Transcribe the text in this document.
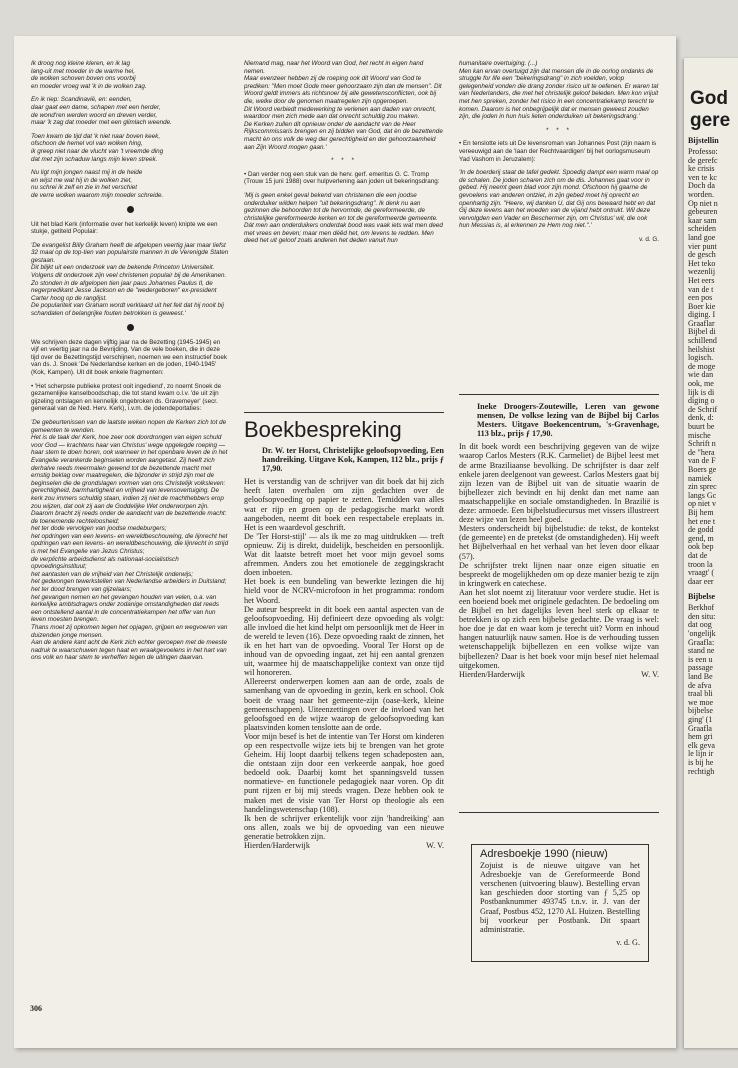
Ik droog nog kleine kleren, en ik lag
lang-uit met moeder in de warme hei,
de wolken schoven boven ons voorbij
en moeder vroeg wat 'k in de wolken zag.

En ik riep: Scandinavië, en: eenden,
daar gaat een dame, schapen met een herder,
de wond'ren werden woord en dreven verder,
maar 'k zag dat moeder met een glimlach weende.

Toen kwam de tijd dat 'k niet naar boven keek,
ofschoon de hemel vol van wolken hing,
ik greep niet naar de vlucht van 't vreemde ding
dat met zijn schaduw langs mijn leven streek.

Nu ligt mijn jongen naast mij in de heide
en wijst me wat hij in de wolken ziet,
nu schrei ik zelf en zie in het verschiet
de verre wolken waarom mijn moeder schreide.

Uit het blad Kerk (informatie over het kerkelijk leven) knipte we een stukje, getiteld Populair:

'De evangelist Billy Graham heeft de afgelopen veertig jaar maar liefst 32 maal op de top-tien van populairste mannen in de Verenigde Staten gestaan.
Dit blijkt uit een onderzoek van de bekende Princeton Universiteit.
Volgens dit onderzoek zijn veel christenen populair bij de Amerikanen. Zo stonden in de afgelopen tien jaar paus Johannes Paulus II, de negerpredikant Jesse Jackson en de "wedergeboren" ex-president Carter hoog op de ranglijst.
De populariteit van Graham wordt verklaard uit het feit dat hij nooit bij schandalen of belangrijke fouten betrokken is geweest.'

We schrijven deze dagen vijftig jaar na de Bezetting (1945-1945) en vijf en veertig jaar na de Bevrijding. Van de vele boeken, die in deze tijd over de Bezettingstijd verschijnen, noemen we een instructief boek van ds. J. Snoek 'De Nederlandse kerken en de joden, 1940-1945' (Kok, Kampen). Uit dit boek enkele fragmenten:

• 'Het scherpste publieke protest ooit ingediend', zo noemt Snoek de gezamenlijke kanselboodschap, die tot stand kwam o.l.v. 'de uit zijn gijzeling ontslagen en kennelijk ongebroken ds. Gravemeyer' (secr. generaal van de Ned. Herv. Kerk), i.v.m. de jodendeportaties:

'De gebeurtenissen van de laatste weken nopen de Kerken zich tot de gemeenten te wenden.
Het is de taak der Kerk, hoe zeer ook doordrongen van eigen schuld voor God — krachtens haar van Christus' wege opgelegde roeping — haar stem te doen horen, ook wanneer in het openbare leven de in het Evangelie verankerde beginselen worden aangetast. Zij heeft zich derhalve reeds meermalen gewend tot de bezettende macht met ernstig beklag over maatregelen, die bijzonder in strijd zijn met de beginselen die de grondslagen vormen van ons Christelijk volksleven: gerechtigheid, barmhartigheid en vrijheid van levensovertuiging. De kerk zou immers schuldig staan, indien zij niet de machthebbers erop zou wijzen, dat ook zij aan de Goddelijke Wet onderworpen zijn. Daarom bracht zij reeds onder de aandacht van de bezettende macht:
de toenemende rechteloosheid;
het ter dode vervolgen van joodse medeburgers;
het opdringen van een levens- en wereldbeschouwing, die lijnrecht het opdringen van een levens- en wereldbeschouwing, die lijnrecht in strijd is met het Evangelie van Jezus Christus;
de verplichte arbeidsdienst als nationaal-socialistisch opvoedingsinstituut;
het aantasten van de vrijheid van het Christelijk onderwijs;
het gedwongen tewerkstellen van Nederlandse arbeiders in Duitsland;
het ter dood brengen van gijzelaars;
het gevangen nemen en het gevangen houden van velen, o.a. van kerkelijke ambtsdragers onder zodanige omstandigheden dat reeds een ontstellend aantal in de concentratiekampen het offer van hun leven moesten brengen.
Thans moet zij opkomen tegen het opjagen, grijpen en wegvoeren van duizenden jonge mensen.
Aan de andere kant acht de Kerk zich echter geroepen met de meeste nadruk te waarschuwen tegen haat en wraakgevoelens in het hart van ons volk en haar stem te verheffen tegen de uitingen daarvan.

Niemand mag, naar het Woord van God, het recht in eigen hand nemen.
Maar evenzeer hebben zij de roeping ook dit Woord van God te prediken: "Men moet Gode meer gehoorzaam zijn dan de mensen". Dit Woord geldt immers als richtsnoer bij alle gewetensconflicten, ook bij die, welke door de genomen maatregelen zijn opgeroepen.
Dit Woord verbiedt medewerking te verlenen aan daden van onrecht, waardoor men zich mede aan dat onrecht schuldig zou maken.
De Kerken zullen dit opnieuw onder de aandacht van de Heer Rijkscommissaris brengen en zij bidden van God, dat èn de bezettende macht èn ons volk de weg der gerechtigheid en der gehoorzaamheid aan Zijn Woord mogen gaan.'

* * *

• Dan verder nog een stuk van de herv. gerf. emeritus G. C. Tromp (Trouw 15 juni 1988) over hulpverlening aan joden uit bekeringsdrang:

'Mij is geen enkel geval bekend van christenen die een joodse onderduiker wilden helpen "uit bekeringsdrang". Ik denk nu aan gezinnen die behoorden tot de hervormde, de gereformeerde, de christelijke gereformeerde kerken en tot de gereformeerde gemeente. Dát men aan onderduikers onderdak bood was vaak iets wat men deed met vrees en beven; maar men déêd het, om levens te redden. Men deed het uit geloof zoals anderen het deden vanuit hun

humanitaire overtuiging. (...)
Men kan ervan overtuigd zijn dat mensen die in de oorlog ondanks de struggle for life een "bekeringsdrang" in zich voelden, volop gelegenheid vonden die drang zonder risico uit te oefenen. Er waren tal van Nederlanders, die met het christelijk geloof beleden. Men kon vrijuit met hen spreken, zonder het risico in een concentratiekamp terecht te komen. Daarom is het onbegrijpelijk dat er mensen geweest zouden zijn, die joden in hun huis lieten onderduiken uit bekeringsdrang.'

* * *

• En tenslotte iets uit De levensroman van Johannes Post (zijn naam is vereeuwigd aan de 'laan der Rechtvaardigen' bij het oorlogsmuseum Yad Vashom in Jeruzalem):

'In de boerderij staat de tafel gedekt. Spoedig dampt een warm maal op de schalen. De joden scharen zich om de dis. Johannes gaat voor in gebed. Hij neemt geen blad voor zijn mond. Ofschoon hij gaarne de gevoelens van anderen ontziet, in zijn gebed moet hij oprecht en openhartig zijn. "Heere, wij danken U, dat Gij ons bewaard hebt en dat Gij deze levens aan het woeden van de vijand hebt ontrukt. Wil deze vervolgden een Vader en Beschermer zijn, om Christus' wil, die ook hun Messias is, al erkennen ze Hem nog niet.".'

v. d. G.
Boekbespreking

Dr. W. ter Horst, Christelijke geloofsopvoeding, Een handreiking. Uitgave Kok, Kampen, 112 blz., prijs ƒ 17,90.

Het is verstandig van de schrijver van dit boek dat hij zich heeft laten overhalen om zijn gedachten over de geloofsopvoeding op papier te zetten. Temidden van alles wat er rijp en groen op de pedagogische markt wordt aangeboden, neemt dit boek een respectabele ereplaats in. Het is een waardevol geschrift.

De 'Ter Horst-stijl' — als ik me zo mag uitdrukken — treft opnieuw. Zij is direkt, duidelijk, bescheiden en persoonlijk. Wat dit laatste betreft moet het voor mijn gevoel soms afremmen. Anders zou het emotionele de zeggingskracht doen inboeten.

Het boek is een bundeling van bewerkte lezingen die hij hield voor de NCRV-microfoon in het programma: rondom het Woord.

De auteur bespreekt in dit boek een aantal aspecten van de geloofsopvoeding. Hij definieert deze opvoeding als volgt: alle invloed die het kind helpt om persoonlijk met de Heer in de wereld te leven (16). Deze opvoeding raakt de zinnen, het ik en het hart van de opvoeding. Vooral Ter Horst op de inhoud van de opvoeding ingaat, zet hij een aantal grenzen uit, waarmee hij de maatschappelijke context van onze tijd wil honoreren.

Allereerst onderwerpen komen aan aan de orde, zoals de samenhang van de opvoeding in gezin, kerk en school. Ook boeit de vraag naar het gemeente-zijn (oase-kerk, kleine gemeenschappen). Uiteenzettingen over de invloed van het geloofsgoed en de wijze waarop de geloofsopvoeding kan plaatsvinden komen tenslotte aan de orde.

Voor mijn besef is het de intentie van Ter Horst om kinderen op een respectvolle wijze iets bij te brengen van het grote Geheim. Hij loopt daarbij telkens tegen schadeposten aan, die ontstaan zijn door een verkeerde aanpak, hoe goed bedoeld ook. Daarbij komt het spanningsveld tussen normatieve- en functionele pedagogiek naar voren. Op dit punt rijzen er bij mij steeds vragen. Deze hebben ook te maken met de visie van Ter Horst op theologie als een handelingswetenschap (108).

Ik ben de schrijver erkentelijk voor zijn 'handreiking' aan ons allen, zoals we bij de opvoeding van een nieuwe generatie betrokken zijn.

Hierden/Harderwijk	W. V.

Ineke Droogers-Zoutewille, Leren van gewone mensen, De volkse lezing van de Bijbel bij Carlos Mesters. Uitgave Boekencentrum, 's-Gravenhage, 113 blz., prijs ƒ 17,90.

In dit boek wordt een beschrijving gegeven van de wijze waarop Carlos Mesters (R.K. Carmeliet) de Bijbel leest met de arme Braziliaanse bevolking. De schrijfster is daar zelf enkele jaren deelgenoot van geweest. Carlos Mesters gaat bij zijn lezen van de Bijbel uit van de situatie waarin de bijbellezer zich bevindt en hij denkt dan met name aan maatschappelijke en sociale omstandigheden. In Brazilië is deze: armoede. Een bijbelstudiecursus met vissers illustreert deze wijze van lezen heel goed.

Mesters onderscheidt bij bijbelstudie: de tekst, de kontekst (de gemeente) en de pretekst (de omstandigheden). Hij weeft het Bijbelverhaal en het verhaal van het leven door elkaar (57).

De schrijfster trekt lijnen naar onze eigen situatie en bespreekt de mogelijkheden om op deze manier bezig te zijn in kringwerk en catechese.

Aan het slot noemt zij literatuur voor verdere studie. Het is een boeiend boek met originele gedachten. De bedoeling om de Bijbel en het dagelijks leven heel sterk op elkaar te betrekken is op zich een bijbelse gedachte. De vraag is wel: hoe doe je dat en waar kom je terecht uit? Vorm en inhoud hangen natuurlijk nauw samen. Hoe is de verhouding tussen wetenschappelijk bijbellezen en een volkse wijze van bijbellezen? Daar is het boek voor mijn besef niet helemaal uitgekomen.

Hierden/Harderwijk	W. V.
Adresboekje 1990 (nieuw)

Zojuist is de nieuwe uitgave van het Adresboekje van de Gereformeerde Bond verschenen (uitvoering blauw). Bestelling ervan kan geschieden door storting van ƒ 5,25 op Postbanknummer 493745 t.n.v. ir. J. van der Graaf, Postbus 452, 1270 AL Huizen. Bestelling bij voorkeur per Postbank. Dit spaart administratie.

v. d. G.
306
God
gere
Bijstellin
Professo:
de gerefc
ke crisis
ven te kc
Doch da
worden.
Op niet n
gebeuren
kaar sam
scheiden
land goe
vier punt
de gesch
Het teko
wezenlij
Het eers
van de t
een pos
Boer kie
diging. I
Graaflar
Bijbel di
schillend
heilshist
logisch.
de moge
wie dan
ook, me
lijk is di
diging o
de Schrif
denk, d:
buurt be
mische
Schrift n
de "hera
van de F
Boers ge
namiek
zin sprec
langs Gc
op niet v
Bij hem
het ene t
de godd
gend, m
ook bep
dat de
troon la
vraagt' (
daar eer
Bijbelse
Berkhof
den situ:
dat oog
'ongelijk
Graafla:
stand ne
is een u
passage
land Be
de afva
traal bli
we moe
bijbelse
ging' (1
Graafla
hem gri
elk geva
le lijn ir
is bij he
rechtigh
